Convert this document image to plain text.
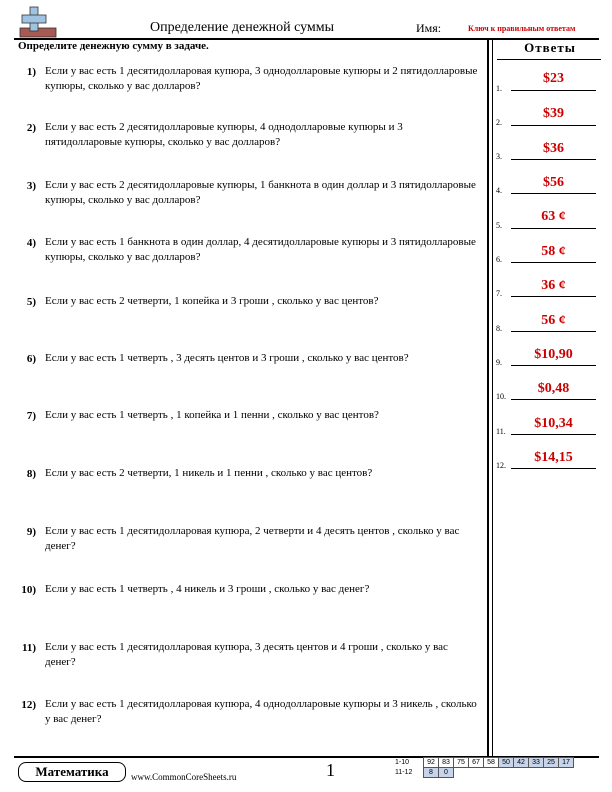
Определение денежной суммы	Имя:	Ключ к правильным ответам
Определите денежную сумму в задаче.
1) Если у вас есть 1 десятидолларовая купюра, 3 однодолларовые купюры и 2 пятидолларовые купюры, сколько у вас долларов?
2) Если у вас есть 2 десятидолларовые купюры, 4 однодолларовые купюры и 3 пятидолларовые купюры, сколько у вас долларов?
3) Если у вас есть 2 десятидолларовые купюры, 1 банкнота в один доллар и 3 пятидолларовые купюры, сколько у вас долларов?
4) Если у вас есть 1 банкнота в один доллар, 4 десятидолларовые купюры и 3 пятидолларовые купюры, сколько у вас долларов?
5) Если у вас есть 2 четверти, 1 копейка и 3 гроши , сколько у вас центов?
6) Если у вас есть 1 четверть , 3 десять центов и 3 гроши , сколько у вас центов?
7) Если у вас есть 1 четверть , 1 копейка и 1 пенни , сколько у вас центов?
8) Если у вас есть 2 четверти, 1 никель и 1 пенни , сколько у вас центов?
9) Если у вас есть 1 десятидолларовая купюра, 2 четверти и 4 десять центов , сколько у вас денег?
10) Если у вас есть 1 четверть , 4 никель и 3 гроши , сколько у вас денег?
11) Если у вас есть 1 десятидолларовая купюра, 3 десять центов и 4 гроши , сколько у вас денег?
12) Если у вас есть 1 десятидолларовая купюра, 4 однодолларовые купюры и 3 никель , сколько у вас денег?
Ответы
1.
$23
2.
$39
3.
$36
4.
$56
5.
63 ¢
6.
58 ¢
7.
36 ¢
8.
56 ¢
9.
$10,90
10.
$0,48
11.
$10,34
12.
$14,15
Математика	www.CommonCoreSheets.ru	1	1-10	92	83	75	67	58	50	42	33	25	17
11-12	8	0								
